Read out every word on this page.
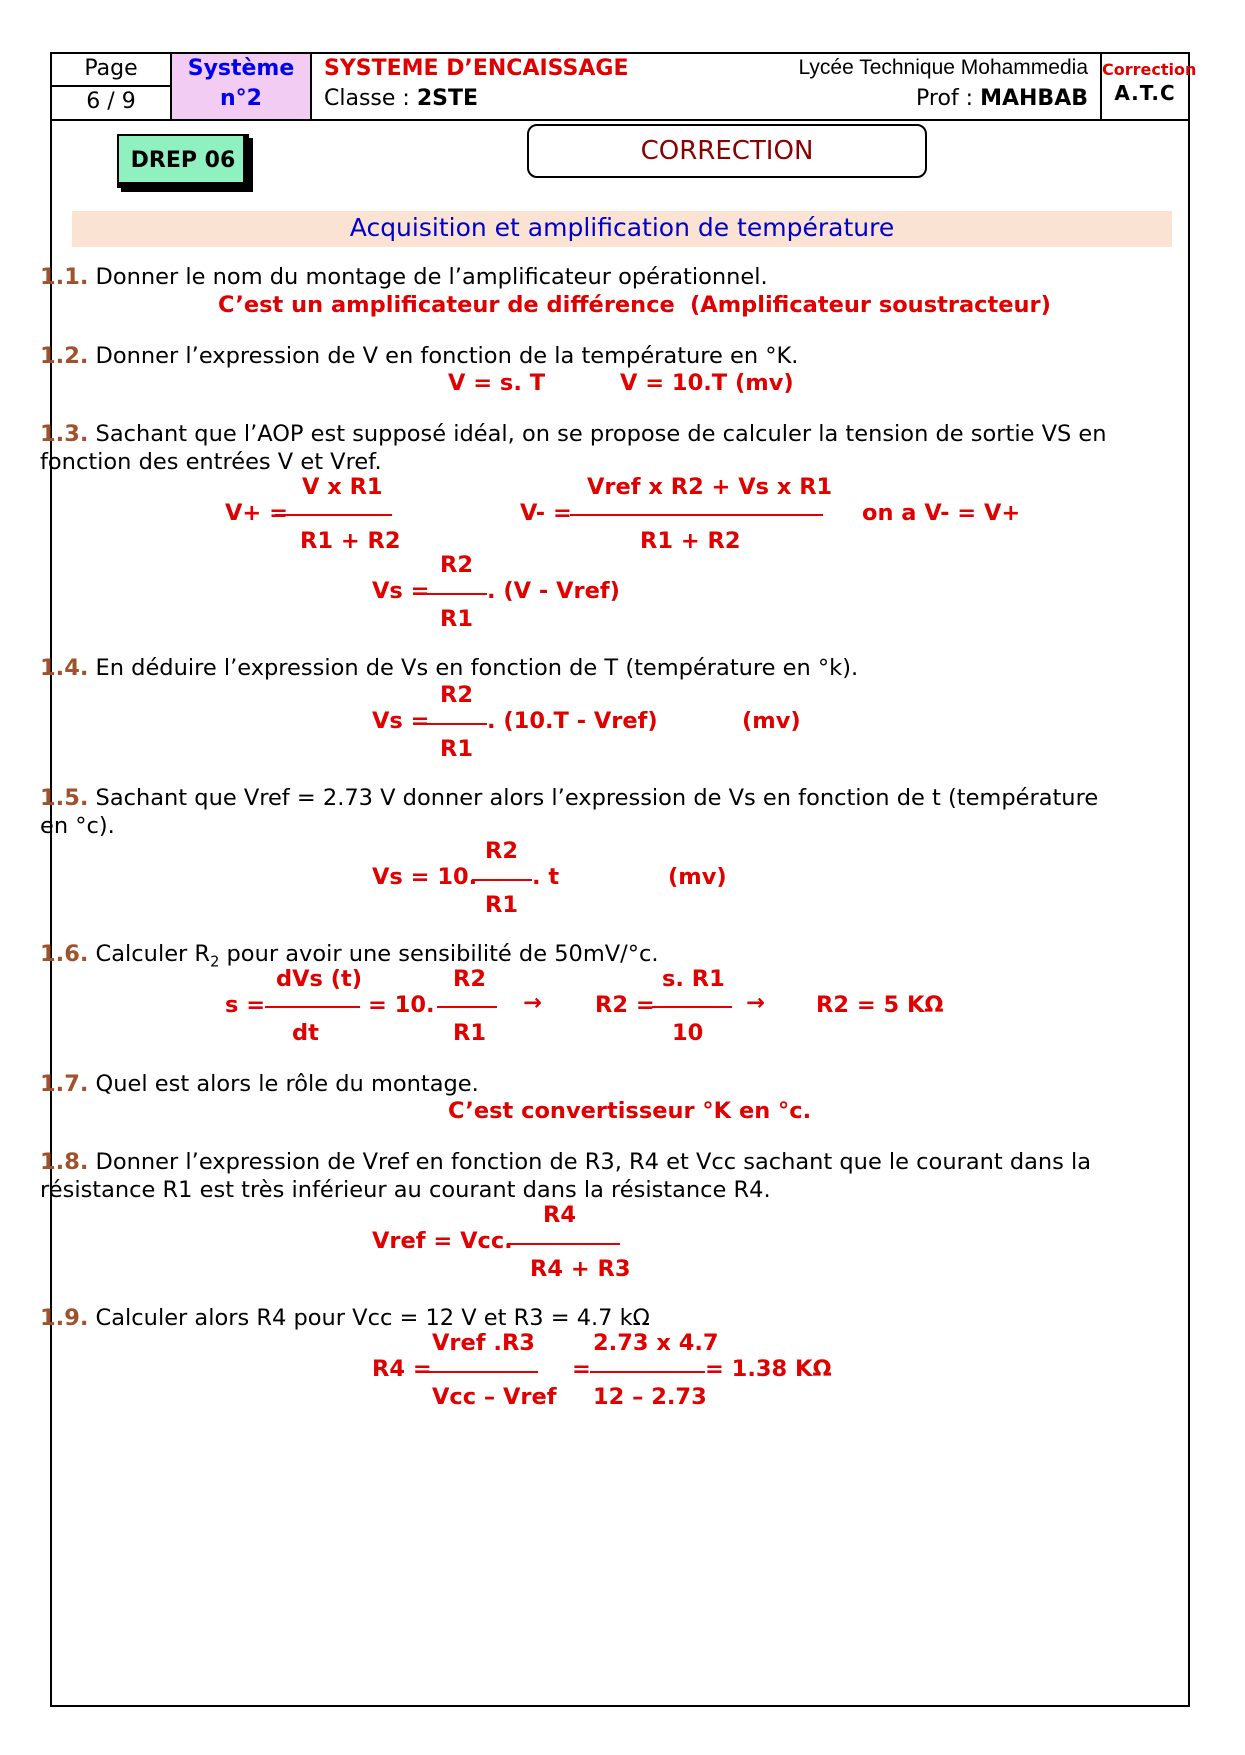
Page
6 / 9
Système
n°2
SYSTEME D’ENCAISSAGE
Classe : 2STE
Lycée Technique Mohammedia
Prof : MAHBAB
Correction
A.T.C
DREP 06	CORRECTION
Acquisition et amplification de température
1.1. Donner le nom du montage de l’amplificateur opérationnel.
C’est un amplificateur de différence (Amplificateur soustracteur)
1.2. Donner l’expression de V en fonction de la température en °K.
V = s. T	V = 10.T (mv)
1.3. Sachant que l’AOP est supposé idéal, on se propose de calculer la tension de sortie VS en fonction des entrées V et Vref.
V x R1
V+ =
R1 + R2
Vref x R2 + Vs x R1
V- =
R1 + R2
on a V- = V+
R2
Vs =	. (V - Vref)
R1
1.4. En déduire l’expression de Vs en fonction de T (température en °k).
R2
Vs =	. (10.T - Vref)	(mv)
R1
1.5. Sachant que Vref = 2.73 V donner alors l’expression de Vs en fonction de t (température en °c).
R2
Vs = 10. . t	(mv)
R1
1.6. Calculer $R_2$ pour avoir une sensibilité de 50mV/°c.
dVs (t)
s =
dt
= 10.
R2
R1
→
s. R1
R2 =
10
→ R2 = 5 KΩ
1.7. Quel est alors le rôle du montage.
C’est convertisseur °K en °c.
1.8. Donner l’expression de Vref en fonction de R3, R4 et Vcc sachant que le courant dans la résistance R1 est très inférieur au courant dans la résistance R4.
R4
Vref = Vcc.
R4 + R3
1.9. Calculer alors R4 pour Vcc = 12 V et R3 = 4.7 kΩ
Vref .R3
R4 =
Vcc – Vref
=
2.73 x 4.7
12 – 2.73
= 1.38 KΩ
